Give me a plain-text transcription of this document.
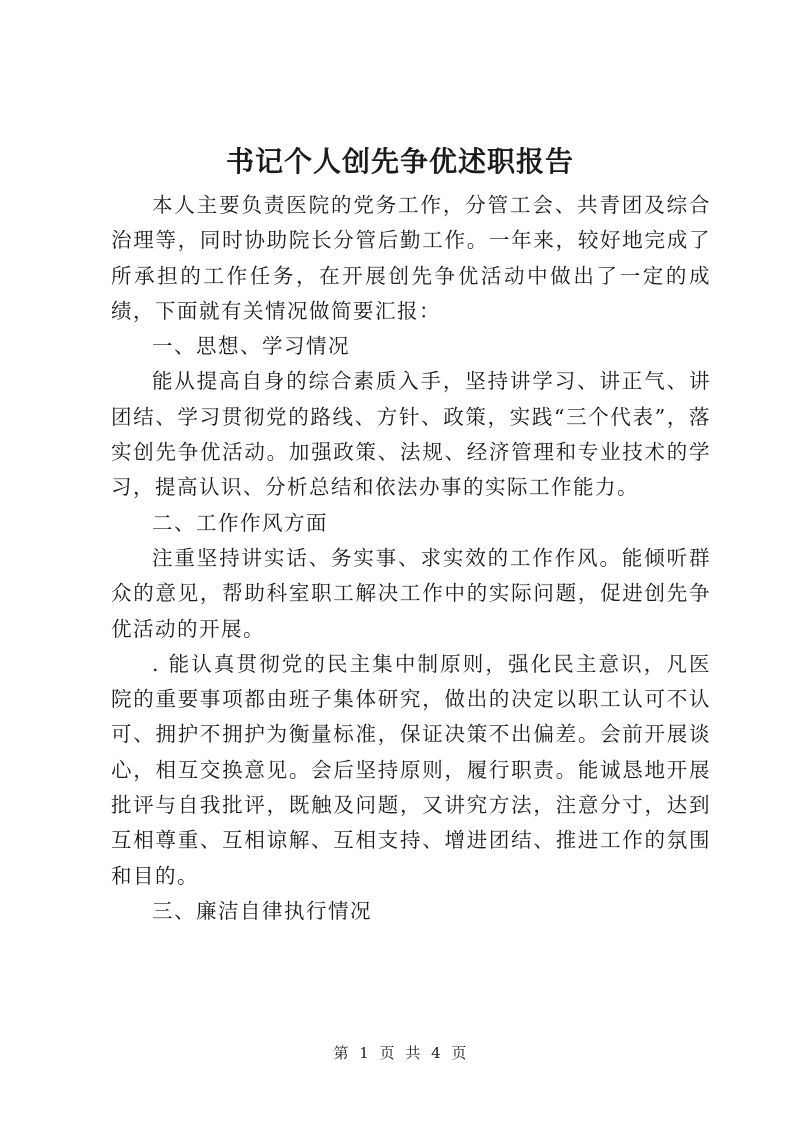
书记个人创先争优述职报告

本人主要负责医院的党务工作，分管工会、共青团及综合治理等，同时协助院长分管后勤工作。一年来，较好地完成了所承担的工作任务，在开展创先争优活动中做出了一定的成绩，下面就有关情况做简要汇报：

一、思想、学习情况

能从提高自身的综合素质入手，坚持讲学习、讲正气、讲团结、学习贯彻党的路线、方针、政策，实践“三个代表”，落实创先争优活动。加强政策、法规、经济管理和专业技术的学习，提高认识、分析总结和依法办事的实际工作能力。

二、工作作风方面

注重坚持讲实话、务实事、求实效的工作作风。能倾听群众的意见，帮助科室职工解决工作中的实际问题，促进创先争优活动的开展。

. 能认真贯彻党的民主集中制原则，强化民主意识，凡医院的重要事项都由班子集体研究，做出的决定以职工认可不认可、拥护不拥护为衡量标准，保证决策不出偏差。会前开展谈心，相互交换意见。会后坚持原则，履行职责。能诚恳地开展批评与自我批评，既触及问题，又讲究方法，注意分寸，达到互相尊重、互相谅解、互相支持、增进团结、推进工作的氛围和目的。

三、廉洁自律执行情况

第 1 页 共 4 页
